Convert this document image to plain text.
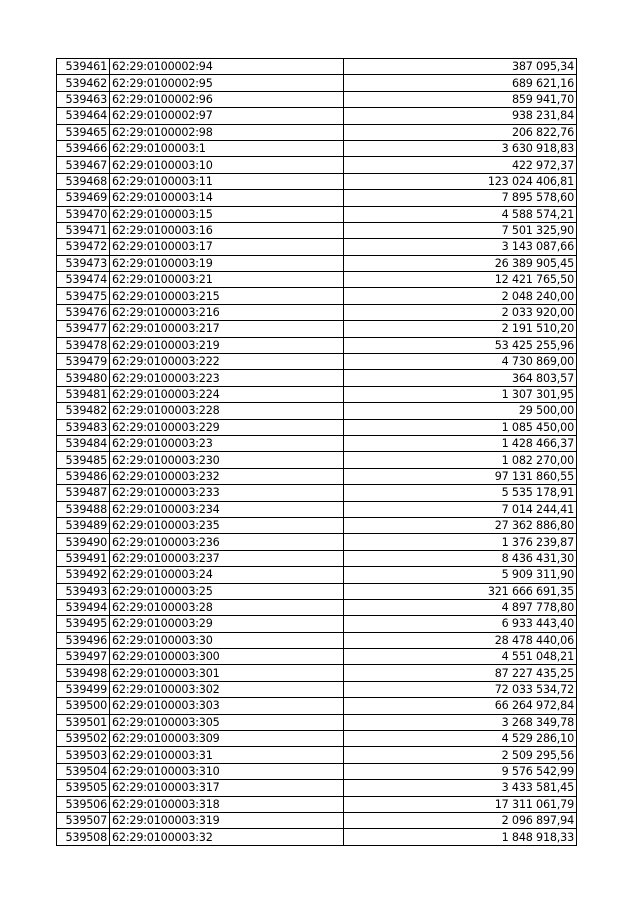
539461	62:29:0100002:94	387 095,34
539462	62:29:0100002:95	689 621,16
539463	62:29:0100002:96	859 941,70
539464	62:29:0100002:97	938 231,84
539465	62:29:0100002:98	206 822,76
539466	62:29:0100003:1	3 630 918,83
539467	62:29:0100003:10	422 972,37
539468	62:29:0100003:11	123 024 406,81
539469	62:29:0100003:14	7 895 578,60
539470	62:29:0100003:15	4 588 574,21
539471	62:29:0100003:16	7 501 325,90
539472	62:29:0100003:17	3 143 087,66
539473	62:29:0100003:19	26 389 905,45
539474	62:29:0100003:21	12 421 765,50
539475	62:29:0100003:215	2 048 240,00
539476	62:29:0100003:216	2 033 920,00
539477	62:29:0100003:217	2 191 510,20
539478	62:29:0100003:219	53 425 255,96
539479	62:29:0100003:222	4 730 869,00
539480	62:29:0100003:223	364 803,57
539481	62:29:0100003:224	1 307 301,95
539482	62:29:0100003:228	29 500,00
539483	62:29:0100003:229	1 085 450,00
539484	62:29:0100003:23	1 428 466,37
539485	62:29:0100003:230	1 082 270,00
539486	62:29:0100003:232	97 131 860,55
539487	62:29:0100003:233	5 535 178,91
539488	62:29:0100003:234	7 014 244,41
539489	62:29:0100003:235	27 362 886,80
539490	62:29:0100003:236	1 376 239,87
539491	62:29:0100003:237	8 436 431,30
539492	62:29:0100003:24	5 909 311,90
539493	62:29:0100003:25	321 666 691,35
539494	62:29:0100003:28	4 897 778,80
539495	62:29:0100003:29	6 933 443,40
539496	62:29:0100003:30	28 478 440,06
539497	62:29:0100003:300	4 551 048,21
539498	62:29:0100003:301	87 227 435,25
539499	62:29:0100003:302	72 033 534,72
539500	62:29:0100003:303	66 264 972,84
539501	62:29:0100003:305	3 268 349,78
539502	62:29:0100003:309	4 529 286,10
539503	62:29:0100003:31	2 509 295,56
539504	62:29:0100003:310	9 576 542,99
539505	62:29:0100003:317	3 433 581,45
539506	62:29:0100003:318	17 311 061,79
539507	62:29:0100003:319	2 096 897,94
539508	62:29:0100003:32	1 848 918,33
